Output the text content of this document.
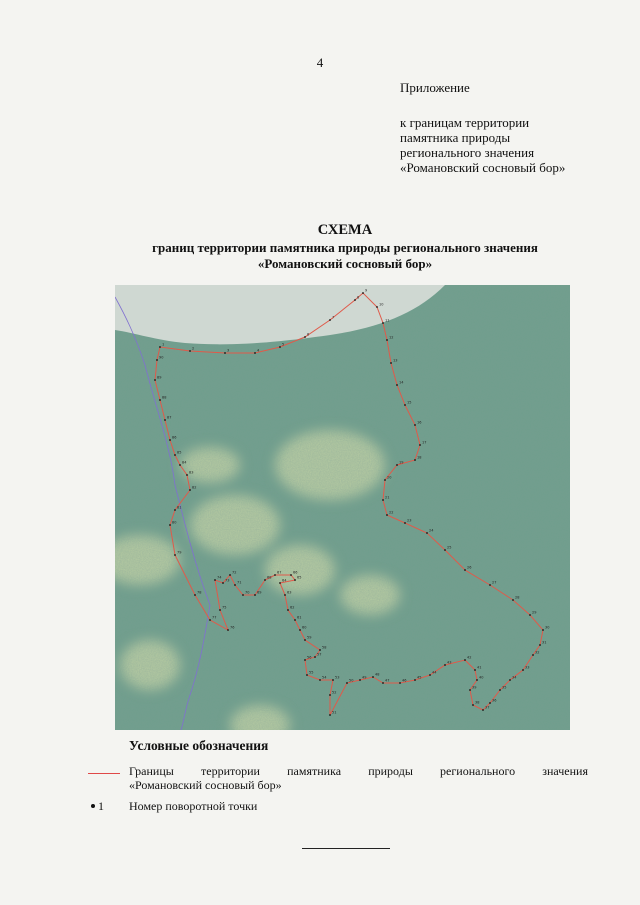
4
Приложение
к границам территории
памятника природы
регионального значения
«Романовский сосновый бор»
СХЕМА
границ территории памятника природы регионального значения
«Романовский сосновый бор»
1
2	3	4
5
6
7
8
9
10
11
12
13
14
15
16
17
18
19
20
21
22
23
24
25
26
27
28
29
30
31
32
33
34
35
36
37
38
39
40
41
42
43
44
45
46
47
48
49
50
51
52
53
54
55
56
57
58
59
60
61
62
63
64
65
66
67
68
69
70
71
72
73
74
75
76
77
78
79
80
81
82
83
84
85
86
87
88
89
90
Условные обозначения
Границы территории памятника природы регионального значения
«Романовский сосновый бор»
1 Номер поворотной точки
